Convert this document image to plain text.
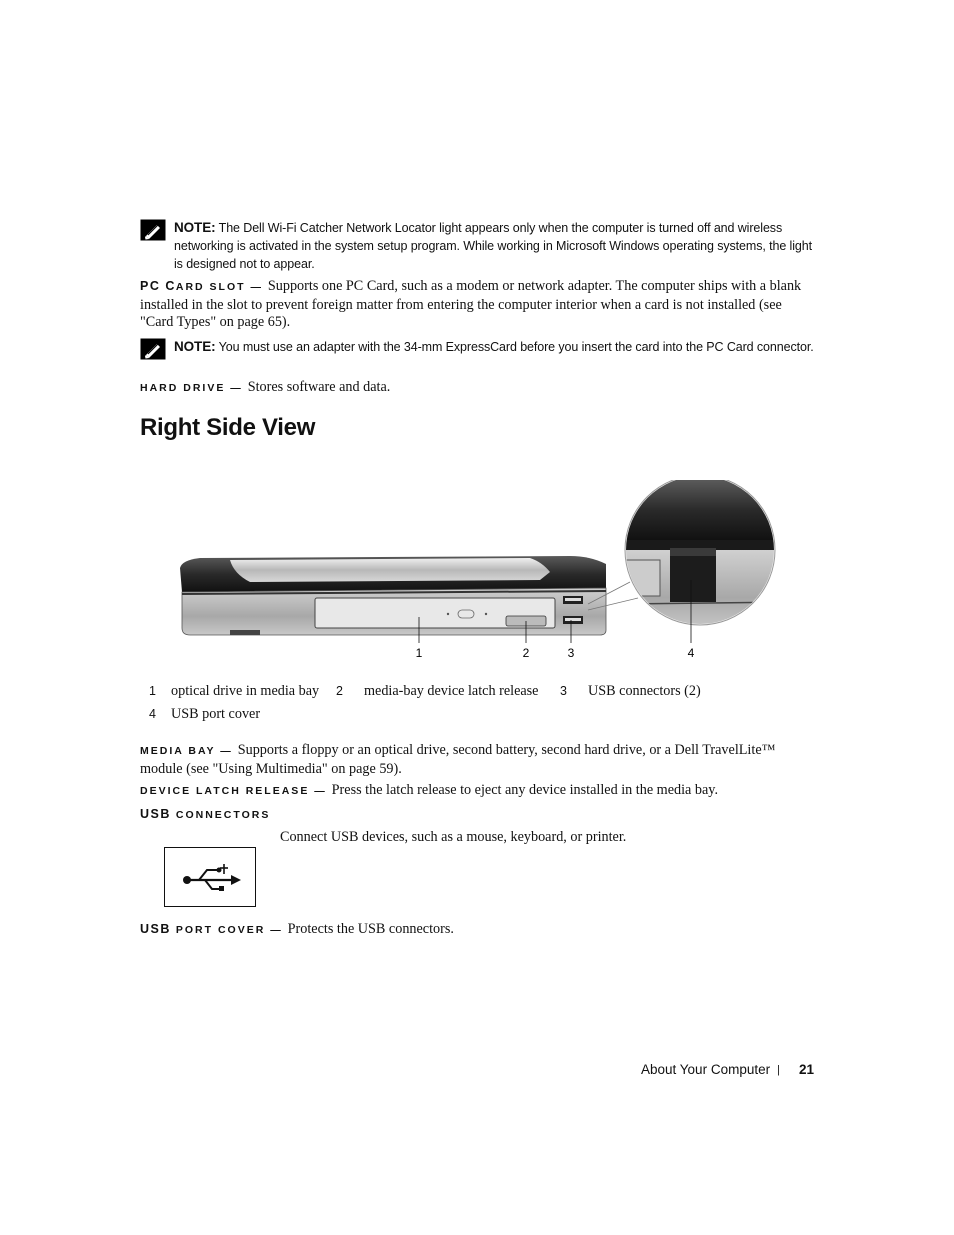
NOTE: The Dell Wi-Fi Catcher Network Locator light appears only when the computer is turned off and wireless networking is activated in the system setup program. While working in Microsoft Windows operating systems, the light is designed not to appear.
PC CARD SLOT — Supports one PC Card, such as a modem or network adapter. The computer ships with a blank installed in the slot to prevent foreign matter from entering the computer interior when a card is not installed (see "Card Types" on page 65).
NOTE: You must use an adapter with the 34-mm ExpressCard before you insert the card into the PC Card connector.
HARD DRIVE — Stores software and data.
Right Side View
1	2	3	4
1 optical drive in media bay 2 media-bay device latch release 3 USB connectors (2)
4 USB port cover
MEDIA BAY — Supports a floppy or an optical drive, second battery, second hard drive, or a Dell TravelLite™ module (see "Using Multimedia" on page 59).
DEVICE LATCH RELEASE — Press the latch release to eject any device installed in the media bay.
USB CONNECTORS
Connect USB devices, such as a mouse, keyboard, or printer.
USB PORT COVER — Protects the USB connectors.
About Your Computer | 21
